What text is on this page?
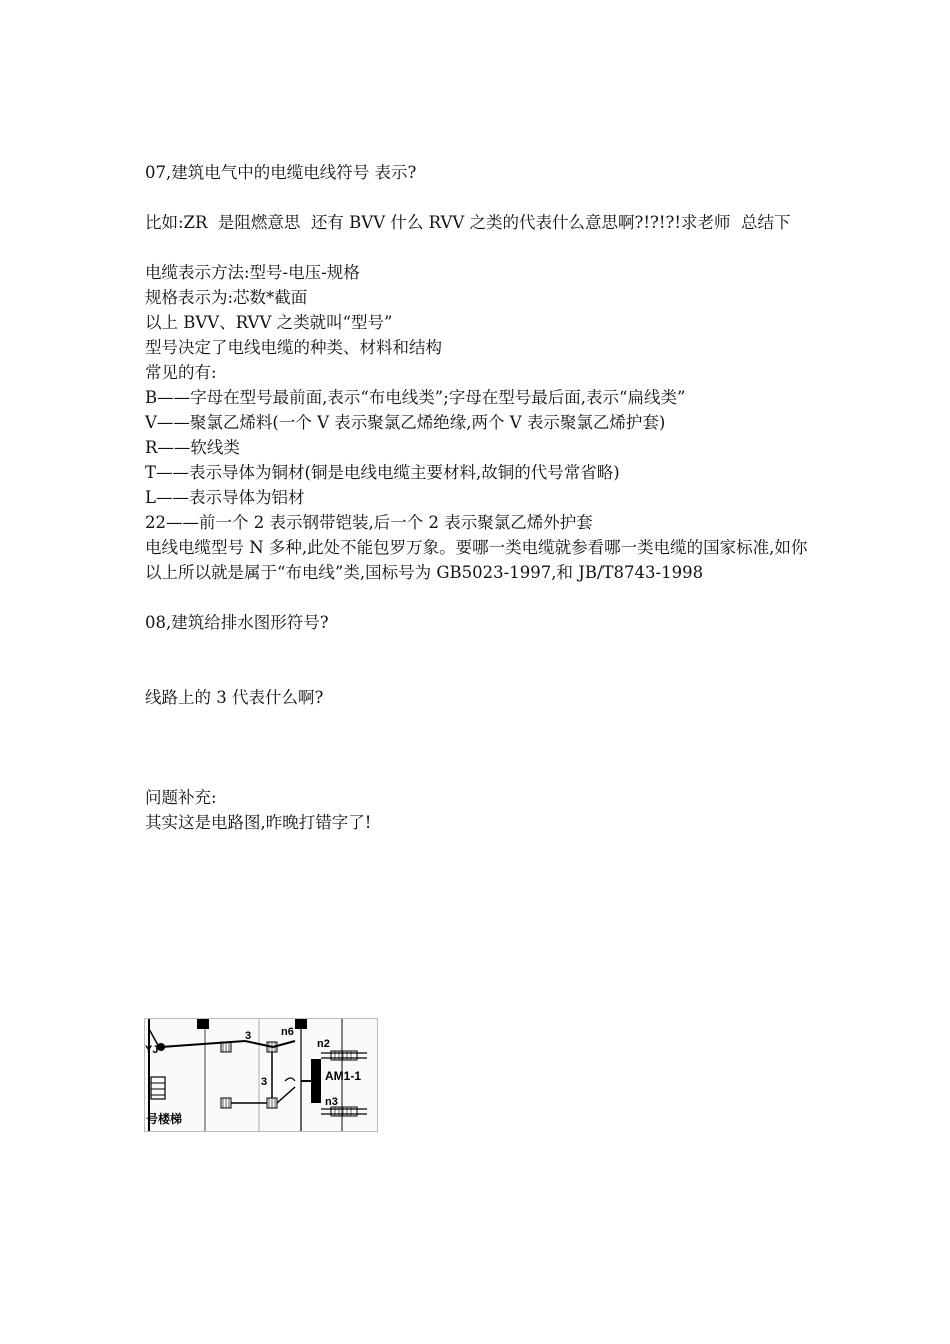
07,建筑电气中的电缆电线符号 表示?
比如:ZR  是阻燃意思  还有 BVV 什么 RVV 之类的代表什么意思啊?!?!?!求老师  总结下
电缆表示方法:型号-电压-规格
规格表示为:芯数*截面
以上 BVV、RVV 之类就叫“型号”
型号决定了电线电缆的种类、材料和结构
常见的有:
B——字母在型号最前面,表示“布电线类”;字母在型号最后面,表示“扁线类”
V——聚氯乙烯料(一个 V 表示聚氯乙烯绝缘,两个 V 表示聚氯乙烯护套)
R——软线类
T——表示导体为铜材(铜是电线电缆主要材料,故铜的代号常省略)
L——表示导体为铝材
22——前一个 2 表示钢带铠装,后一个 2 表示聚氯乙烯外护套
电线电缆型号 N 多种,此处不能包罗万象。要哪一类电缆就参看哪一类电缆的国家标准,如你以上所以就是属于“布电线”类,国标号为 GB5023-1997,和 JB/T8743-1998
08,建筑给排水图形符号?
线路上的 3 代表什么啊?
问题补充:
其实这是电路图,昨晚打错字了!
YJ
3	n6
n2
3	AM1-1
n3
号楼梯
